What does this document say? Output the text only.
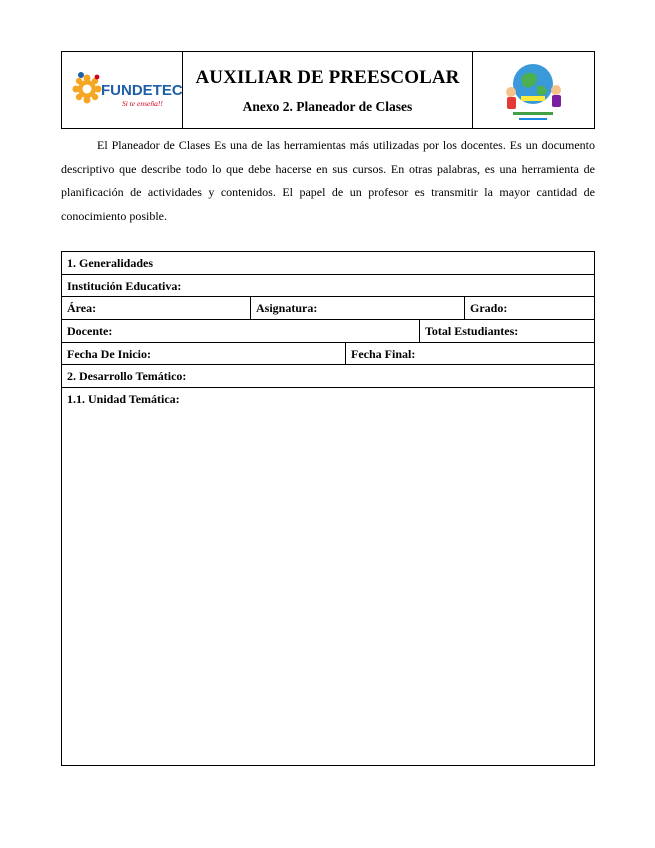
FUNDETEC
Si te enseña!!
AUXILIAR DE PREESCOLAR
Anexo 2. Planeador de Clases
El Planeador de Clases Es una de las herramientas más utilizadas por los docentes. Es un documento descriptivo que describe todo lo que debe hacerse en sus cursos. En otras palabras, es una herramienta de planificación de actividades y contenidos. El papel de un profesor es transmitir la mayor cantidad de conocimiento posible.
1. Generalidades
Institución Educativa:
Área:	Asignatura:	Grado:
Docente:	Total Estudiantes:
Fecha De Inicio:	Fecha Final:
2. Desarrollo Temático:
1.1. Unidad Temática:
